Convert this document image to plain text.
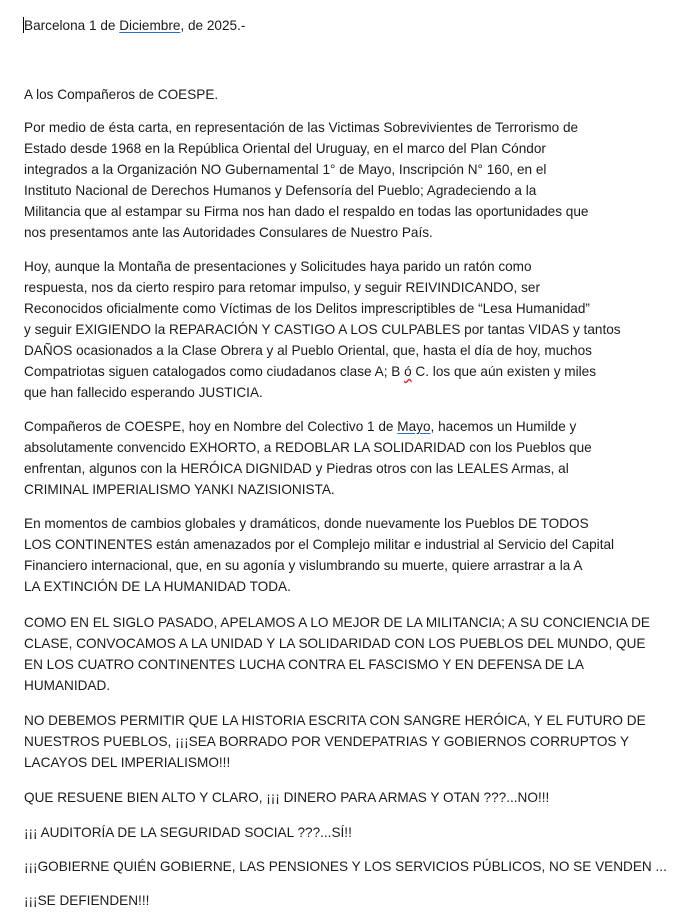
Barcelona 1 de Diciembre, de 2025.-
A los Compañeros de COESPE.
Por medio de ésta carta, en representación de las Victimas Sobrevivientes de Terrorismo de
Estado desde 1968 en la República Oriental del Uruguay, en el marco del Plan Cóndor
integrados a la Organización NO Gubernamental 1° de Mayo, Inscripción N° 160, en el
Instituto Nacional de Derechos Humanos y Defensoría del Pueblo; Agradeciendo a la
Militancia que al estampar su Firma nos han dado el respaldo en todas las oportunidades que
nos presentamos ante las Autoridades Consulares de Nuestro País.
Hoy, aunque la Montaña de presentaciones y Solicitudes haya parido un ratón como
respuesta, nos da cierto respiro para retomar impulso, y seguir REIVINDICANDO, ser
Reconocidos oficialmente como Víctimas de los Delitos imprescriptibles de “Lesa Humanidad”
y seguir EXIGIENDO la REPARACIÓN Y CASTIGO A LOS CULPABLES por tantas VIDAS y tantos
DAÑOS ocasionados a la Clase Obrera y al Pueblo Oriental, que, hasta el día de hoy, muchos
Compatriotas siguen catalogados como ciudadanos clase A; B ó C. los que aún existen y miles
que han fallecido esperando JUSTICIA.
Compañeros de COESPE, hoy en Nombre del Colectivo 1 de Mayo, hacemos un Humilde y
absolutamente convencido EXHORTO, a REDOBLAR LA SOLIDARIDAD con los Pueblos que
enfrentan, algunos con la HERÓICA DIGNIDAD y Piedras otros con las LEALES Armas, al
CRIMINAL IMPERIALISMO YANKI NAZISIONISTA.
En momentos de cambios globales y dramáticos, donde nuevamente los Pueblos DE TODOS
LOS CONTINENTES están amenazados por el Complejo militar e industrial al Servicio del Capital
Financiero internacional, que, en su agonía y vislumbrando su muerte, quiere arrastrar a la A
LA EXTINCIÓN DE LA HUMANIDAD TODA.
COMO EN EL SIGLO PASADO, APELAMOS A LO MEJOR DE LA MILITANCIA; A SU CONCIENCIA DE
CLASE, CONVOCAMOS A LA UNIDAD Y LA SOLIDARIDAD CON LOS PUEBLOS DEL MUNDO, QUE
EN LOS CUATRO CONTINENTES LUCHA CONTRA EL FASCISMO Y EN DEFENSA DE LA
HUMANIDAD.
NO DEBEMOS PERMITIR QUE LA HISTORIA ESCRITA CON SANGRE HERÓICA, Y EL FUTURO DE
NUESTROS PUEBLOS, ¡¡¡SEA BORRADO POR VENDEPATRIAS Y GOBIERNOS CORRUPTOS Y
LACAYOS DEL IMPERIALISMO!!!
QUE RESUENE BIEN ALTO Y CLARO, ¡¡¡ DINERO PARA ARMAS Y OTAN ???...NO!!!
¡¡¡ AUDITORÍA DE LA SEGURIDAD SOCIAL ???...SÍ!!
¡¡¡GOBIERNE QUIÉN GOBIERNE, LAS PENSIONES Y LOS SERVICIOS PÚBLICOS, NO SE VENDEN ...
¡¡¡SE DEFIENDEN!!!
